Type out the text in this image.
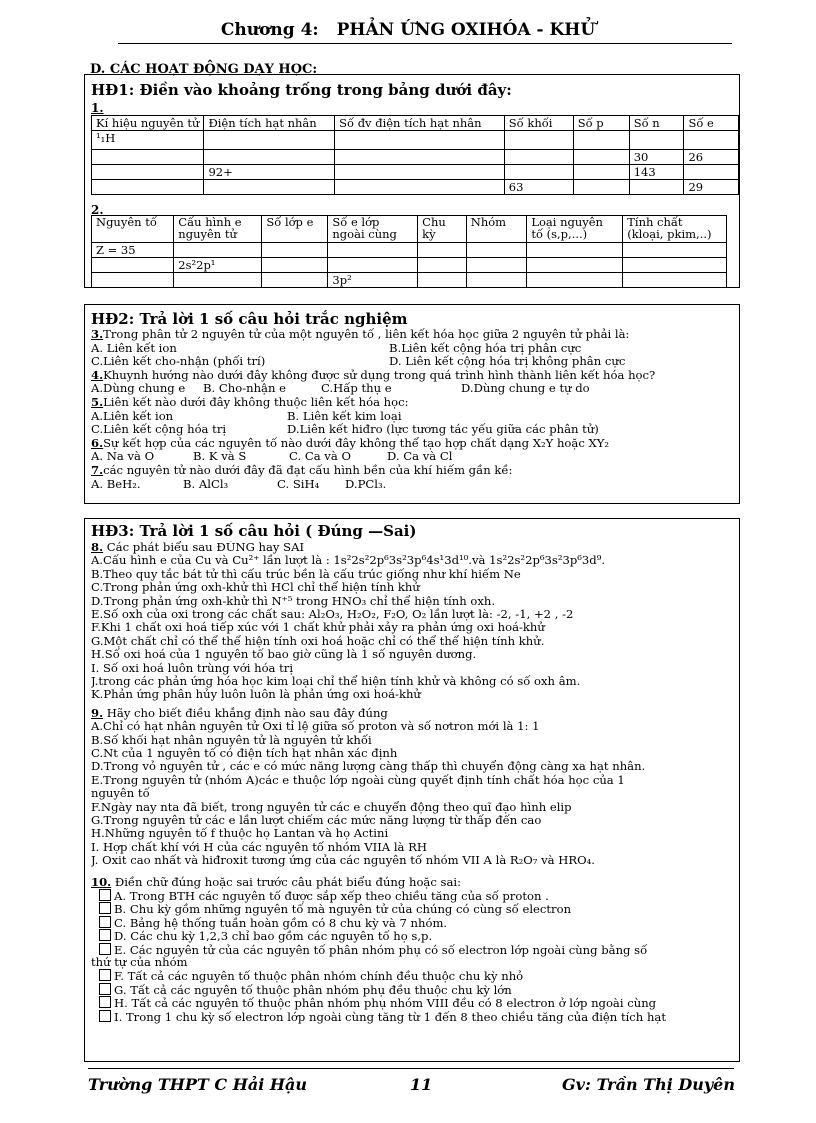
Chương 4: PHẢN ỨNG OXIHÓA - KHỬ
D. CÁC HOẠT ĐỘNG DẠY HỌC:
HĐ1: Điền vào khoảng trống trong bảng dưới đây:
1.
Kí hiệu nguyên tử	Điện tích hạt nhân	Số đv điện tích hạt nhân	Số khối	Số p	Số n	Số e
¹₁H						
					30	26
	92+				143	
			63			29
2.
Nguyên tố	Cấu hình e nguyên tử	Số lớp e	Số e lớp ngoài cùng	Chu kỳ	Nhóm	Loại nguyên tố (s,p,...)	Tính chất (kloại, pkim,..)
Z = 35							
	2s²2p¹						
			3p²				
HĐ2: Trả lời 1 số câu hỏi trắc nghiệm
3.Trong phân tử 2 nguyên tử của một nguyên tố , liên kết hóa học giữa 2 nguyên tử phải là:
A. Liên kết ion	B.Liên kết cộng hóa trị phân cực
C.Liên kết cho-nhận (phối trí)	D. Liên kết cộng hóa trị không phân cực
4.Khuynh hướng nào dưới đây không được sử dụng trong quá trình hình thành liên kết hóa học?
A.Dùng chung e B. Cho-nhận e	C.Hấp thụ e	D.Dùng chung e tự do
5.Liên kết nào dưới đây không thuộc liên kết hóa học:
A.Liên kết ion	B. Liên kết kim loại
C.Liên kết cộng hóa trị	D.Liên kết hiđro (lực tương tác yếu giữa các phân tử)
6.Sự kết hợp của các nguyên tố nào dưới đây không thể tạo hợp chất dạng X₂Y hoặc XY₂
A. Na và O	B. K và S	C. Ca và O	D. Ca và Cl
7.các nguyên tử nào dưới đây đã đạt cấu hình bền của khí hiếm gần kề:
A. BeH₂.	B. AlCl₃	C. SiH₄ D.PCl₃.
HĐ3: Trả lời 1 số câu hỏi ( Đúng —Sai)
8. Các phát biểu sau ĐÚNG hay SAI
A.Cấu hình e của Cu và Cu²⁺ lần lượt là : 1s²2s²2p⁶3s²3p⁶4s¹3d¹⁰.và 1s²2s²2p⁶3s²3p⁶3d⁹.
B.Theo quy tắc bát tử thì cấu trúc bền là cấu trúc giống như khí hiếm Ne
C.Trong phản ứng oxh-khử thì HCl chỉ thể hiện tính khử
D.Trong phản ứng oxh-khử thì N⁺⁵ trong HNO₃ chỉ thể hiện tính oxh.
E.Số oxh của oxi trong các chất sau: Al₂O₃, H₂O₂, F₂O, O₂ lần lượt là: -2, -1, +2 , -2
F.Khi 1 chất oxi hoá tiếp xúc với 1 chất khử phải xảy ra phản ứng oxi hoá-khử
G.Một chất chỉ có thể thể hiện tính oxi hoá hoặc chỉ có thể thể hiện tính khử.
H.Số oxi hoá của 1 nguyên tố bao giờ cũng là 1 số nguyên dương.
I. Số oxi hoá luôn trùng với hóa trị
J.trong các phản ứng hóa học kim loại chỉ thể hiện tính khử và không có số oxh âm.
K.Phản ứng phân hủy luôn luôn là phản ứng oxi hoá-khử
9. Hãy cho biết điều khẳng định nào sau đây đúng
A.Chỉ có hạt nhân nguyên tử Oxi tỉ lệ giữa số proton và số nơtron mới là 1: 1
B.Số khối hạt nhân nguyên tử là nguyên tử khối
C.Nt của 1 nguyên tố có điện tích hạt nhân xác định
D.Trong vỏ nguyên tử , các e có mức năng lượng càng thấp thì chuyển động càng xa hạt nhân.
E.Trong nguyên tử (nhóm A)các e thuộc lớp ngoài cùng quyết định tính chất hóa học của 1
nguyên tố
F.Ngày nay nta đã biết, trong nguyên tử các e chuyển động theo quĩ đạo hình elip
G.Trong nguyên tử các e lần lượt chiếm các mức năng lượng từ thấp đến cao
H.Những nguyên tố f thuộc họ Lantan và họ Actini
I. Hợp chất khí với H của các nguyên tố nhóm VIIA là RH
J. Oxit cao nhất và hiđroxit tương ứng của các nguyên tố nhóm VII A là R₂O₇ và HRO₄.
10. Điền chữ đúng hoặc sai trước câu phát biểu đúng hoặc sai:
A. Trong BTH các nguyên tố được sắp xếp theo chiều tăng của số proton .
B. Chu kỳ gồm những nguyên tố mà nguyên tử của chúng có cùng số electron
C. Bảng hệ thống tuần hoàn gồm có 8 chu kỳ và 7 nhóm.
D. Các chu kỳ 1,2,3 chỉ bao gồm các nguyên tố họ s,p.
E. Các nguyên tử của các nguyên tố phân nhóm phụ có số electron lớp ngoài cùng bằng số
thứ tự của nhóm
F. Tất cả các nguyên tố thuộc phân nhóm chính đều thuộc chu kỳ nhỏ
G. Tất cả các nguyên tố thuộc phân nhóm phụ đều thuộc chu kỳ lớn
H. Tất cả các nguyên tố thuộc phân nhóm phụ nhóm VIII đều có 8 electron ở lớp ngoài cùng
I. Trong 1 chu kỳ số electron lớp ngoài cùng tăng từ 1 đến 8 theo chiều tăng của điện tích hạt
Trường THPT C Hải Hậu	11	Gv: Trần Thị Duyên
